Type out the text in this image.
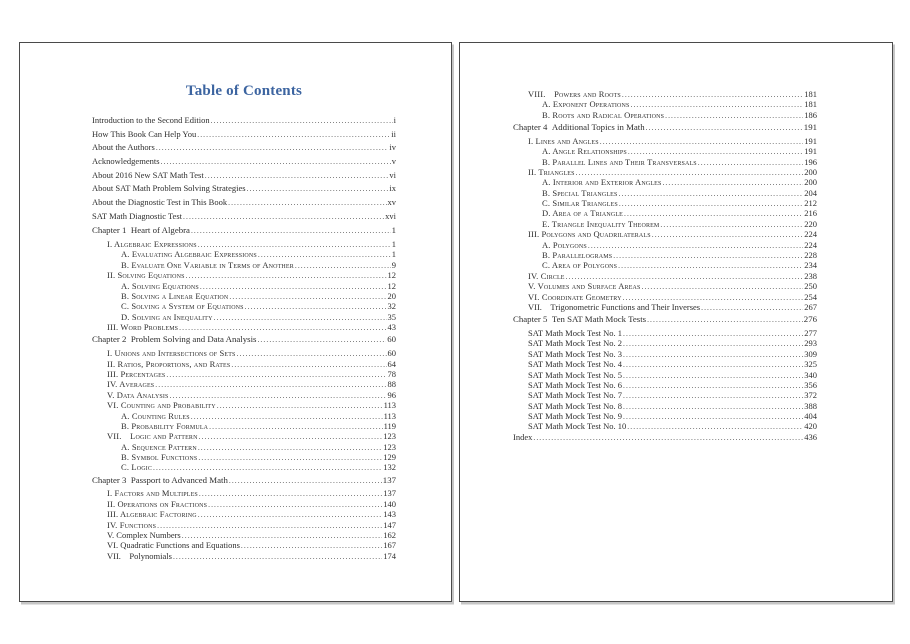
Table of Contents
Introduction to the Second Edition .....	i
How This Book Can Help You .....	ii
About the Authors .....	iv
Acknowledgements .....	v
About 2016 New SAT Math Test .....	vi
About SAT Math Problem Solving Strategies .....	ix
About the Diagnostic Test in This Book .....	xv
SAT Math Diagnostic Test .....	xvi
Chapter 1 Heart of Algebra .....	1
I. Algebraic Expressions .....	1
A. Evaluating Algebraic Expressions .....	1
B. Evaluate One Variable in Terms of Another .....	9
II. Solving Equations .....	12
A. Solving Equations .....	12
B. Solving a Linear Equation .....	20
C. Solving a System of Equations .....	32
D. Solving an Inequality .....	35
III. Word Problems .....	43
Chapter 2 Problem Solving and Data Analysis .....	60
I. Unions and Intersections of Sets .....	60
II. Ratios, Proportions, and Rates .....	64
III. Percentages .....	78
IV. Averages .....	88
V. Data Analysis .....	96
VI. Counting and Probability .....	113
A. Counting Rules .....	113
B. Probability Formula .....	119
VII. Logic and Pattern .....	123
A. Sequence Pattern .....	123
B. Symbol Functions .....	129
C. Logic .....	132
Chapter 3 Passport to Advanced Math .....	137
I. Factors and Multiples .....	137
II. Operations on Fractions .....	140
III. Algebraic Factoring .....	143
IV. Functions .....	147
V. Complex Numbers .....	162
VI. Quadratic Functions and Equations .....	167
VII. Polynomials .....	174
VIII. Powers and Roots .....	181
A. Exponent Operations .....	181
B. Roots and Radical Operations .....	186
Chapter 4 Additional Topics in Math .....	191
I. Lines and Angles .....	191
A. Angle Relationships .....	191
B. Parallel Lines and Their Transversals .....	196
II. Triangles .....	200
A. Interior and Exterior Angles .....	200
B. Special Triangles .....	204
C. Similar Triangles .....	212
D. Area of a Triangle .....	216
E. Triangle Inequality Theorem .....	220
III. Polygons and Quadrilaterals .....	224
A. Polygons .....	224
B. Parallelograms .....	228
C. Area of Polygons .....	234
IV. Circle .....	238
V. Volumes and Surface Areas .....	250
VI. Coordinate Geometry .....	254
VII. Trigonometric Functions and Their Inverses .....	267
Chapter 5 Ten SAT Math Mock Tests .....	276
SAT Math Mock Test No. 1 .....	277
SAT Math Mock Test No. 2 .....	293
SAT Math Mock Test No. 3 .....	309
SAT Math Mock Test No. 4 .....	325
SAT Math Mock Test No. 5 .....	340
SAT Math Mock Test No. 6 .....	356
SAT Math Mock Test No. 7 .....	372
SAT Math Mock Test No. 8 .....	388
SAT Math Mock Test No. 9 .....	404
SAT Math Mock Test No. 10 .....	420
Index .....	436
